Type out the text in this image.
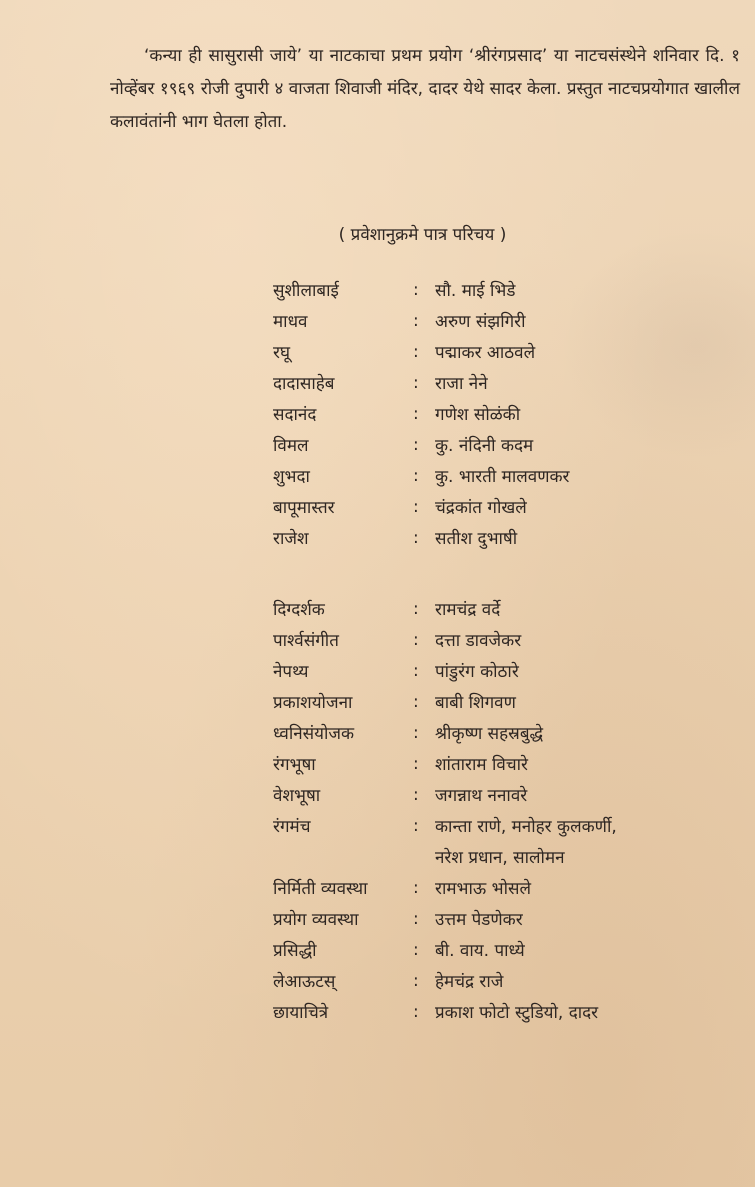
‘कन्या ही सासुरासी जाये’ या नाटकाचा प्रथम प्रयोग ‘श्रीरंगप्रसाद’ या नाटचसंस्थेने शनिवार दि. १ नोव्हेंबर १९६९ रोजी दुपारी ४ वाजता शिवाजी मंदिर, दादर येथे सादर केला. प्रस्तुत नाटचप्रयोगात खालील कलावंतांनी भाग घेतला होता.

( प्रवेशानुक्रमे पात्र परिचय )
सुशीलाबाई	: सौ. माई भिडे
माधव	: अरुण संझगिरी
रघू	: पद्माकर आठवले
दादासाहेब	: राजा नेने
सदानंद	: गणेश सोळंकी
विमल	: कु. नंदिनी कदम
शुभदा	: कु. भारती मालवणकर
बापूमास्तर	: चंद्रकांत गोखले
राजेश	: सतीश दुभाषी
दिग्दर्शक	: रामचंद्र वर्दे
पार्श्वसंगीत	: दत्ता डावजेकर
नेपथ्य	: पांडुरंग कोठारे
प्रकाशयोजना	: बाबी शिगवण
ध्वनिसंयोजक	: श्रीकृष्ण सहस्रबुद्धे
रंगभूषा	: शांताराम विचारे
वेशभूषा	: जगन्नाथ ननावरे
रंगमंच	: कान्ता राणे, मनोहर कुलकर्णी,
नरेश प्रधान, सालोमन
निर्मिती व्यवस्था	: रामभाऊ भोसले
प्रयोग व्यवस्था	: उत्तम पेडणेकर
प्रसिद्धी	: बी. वाय. पाध्ये
लेआऊटस्	: हेमचंद्र राजे
छायाचित्रे	: प्रकाश फोटो स्टुडियो, दादर
